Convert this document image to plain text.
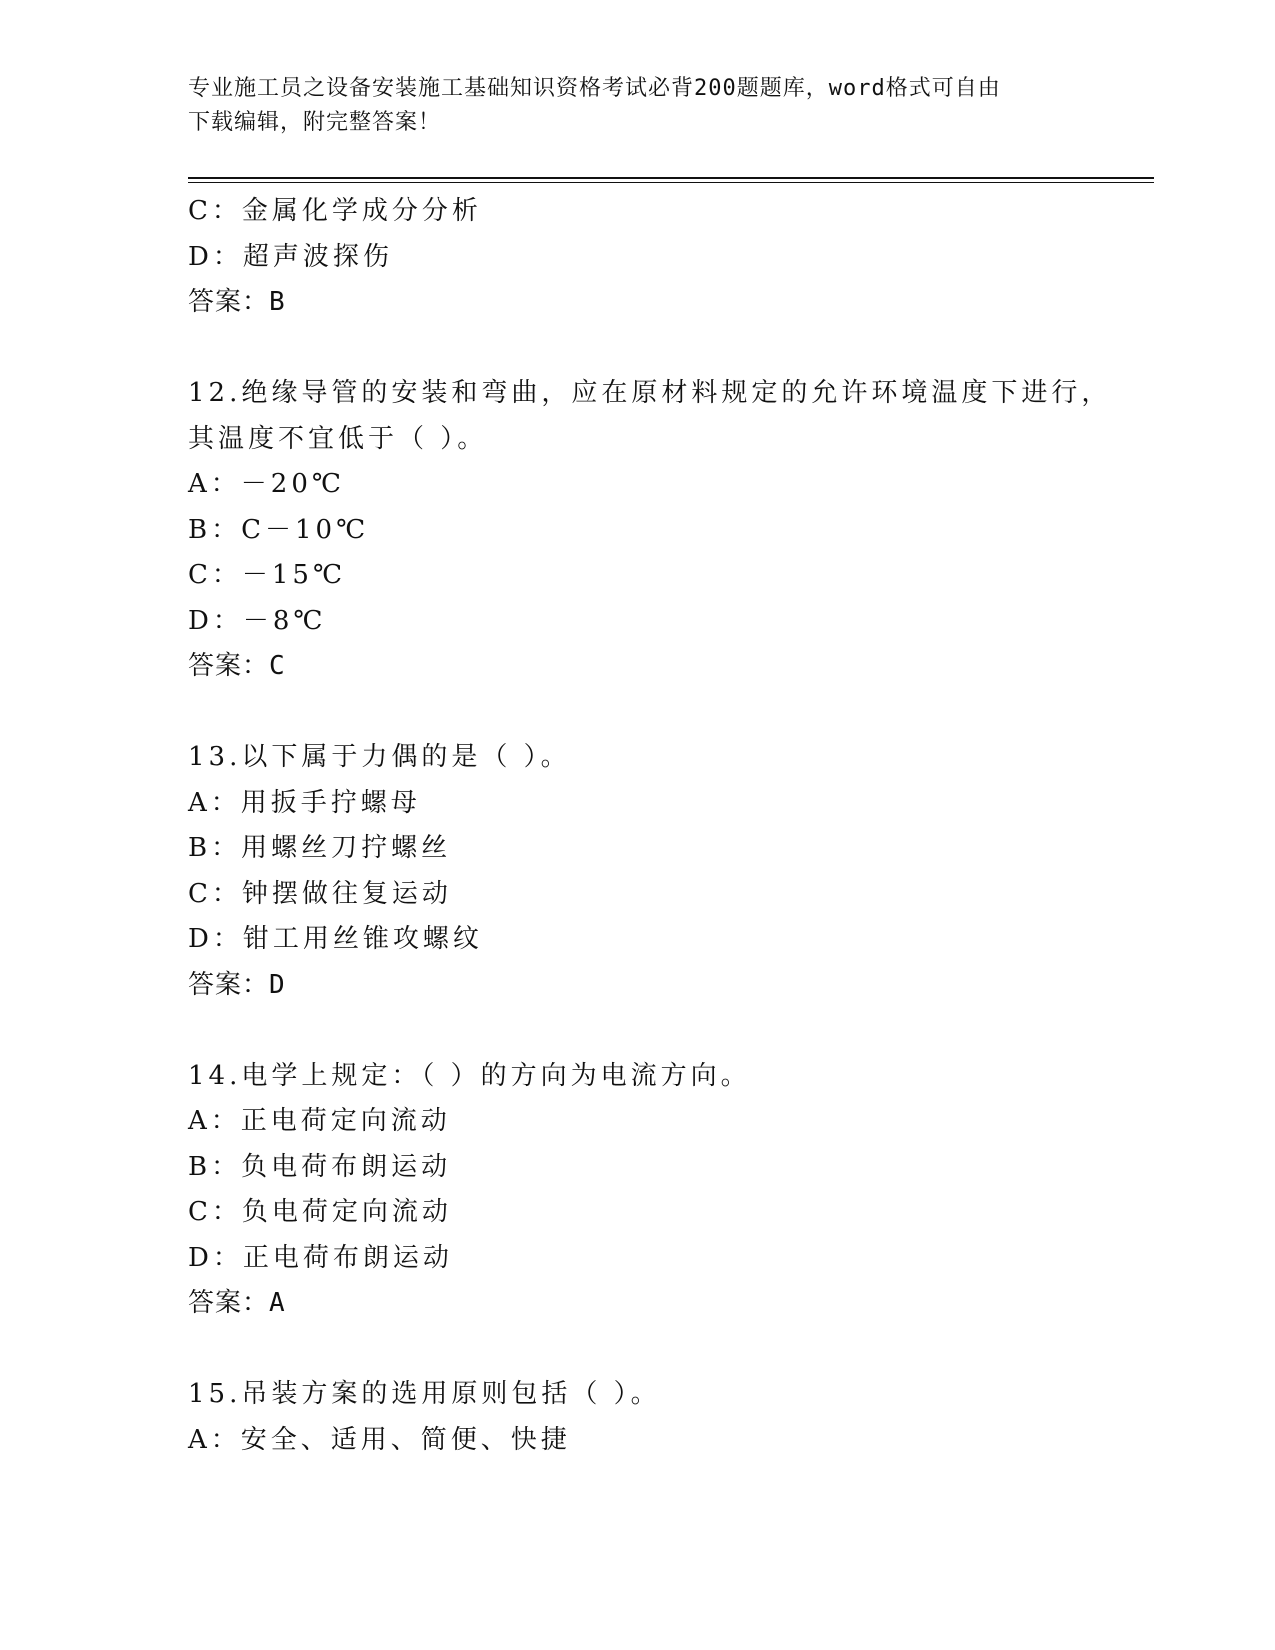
专业施工员之设备安装施工基础知识资格考试必背200题题库，word格式可自由
下载编辑，附完整答案！
C：金属化学成分分析
D：超声波探伤
答案：B
12.绝缘导管的安装和弯曲，应在原材料规定的允许环境温度下进行，其温度不宜低于（ ）。
A：－20℃
B：C－10℃
C：－15℃
D：－8℃
答案：C
13.以下属于力偶的是（ ）。
A：用扳手拧螺母
B：用螺丝刀拧螺丝
C：钟摆做往复运动
D：钳工用丝锥攻螺纹
答案：D
14.电学上规定：（ ）的方向为电流方向。
A：正电荷定向流动
B：负电荷布朗运动
C：负电荷定向流动
D：正电荷布朗运动
答案：A
15.吊装方案的选用原则包括（ ）。
A：安全、适用、简便、快捷
